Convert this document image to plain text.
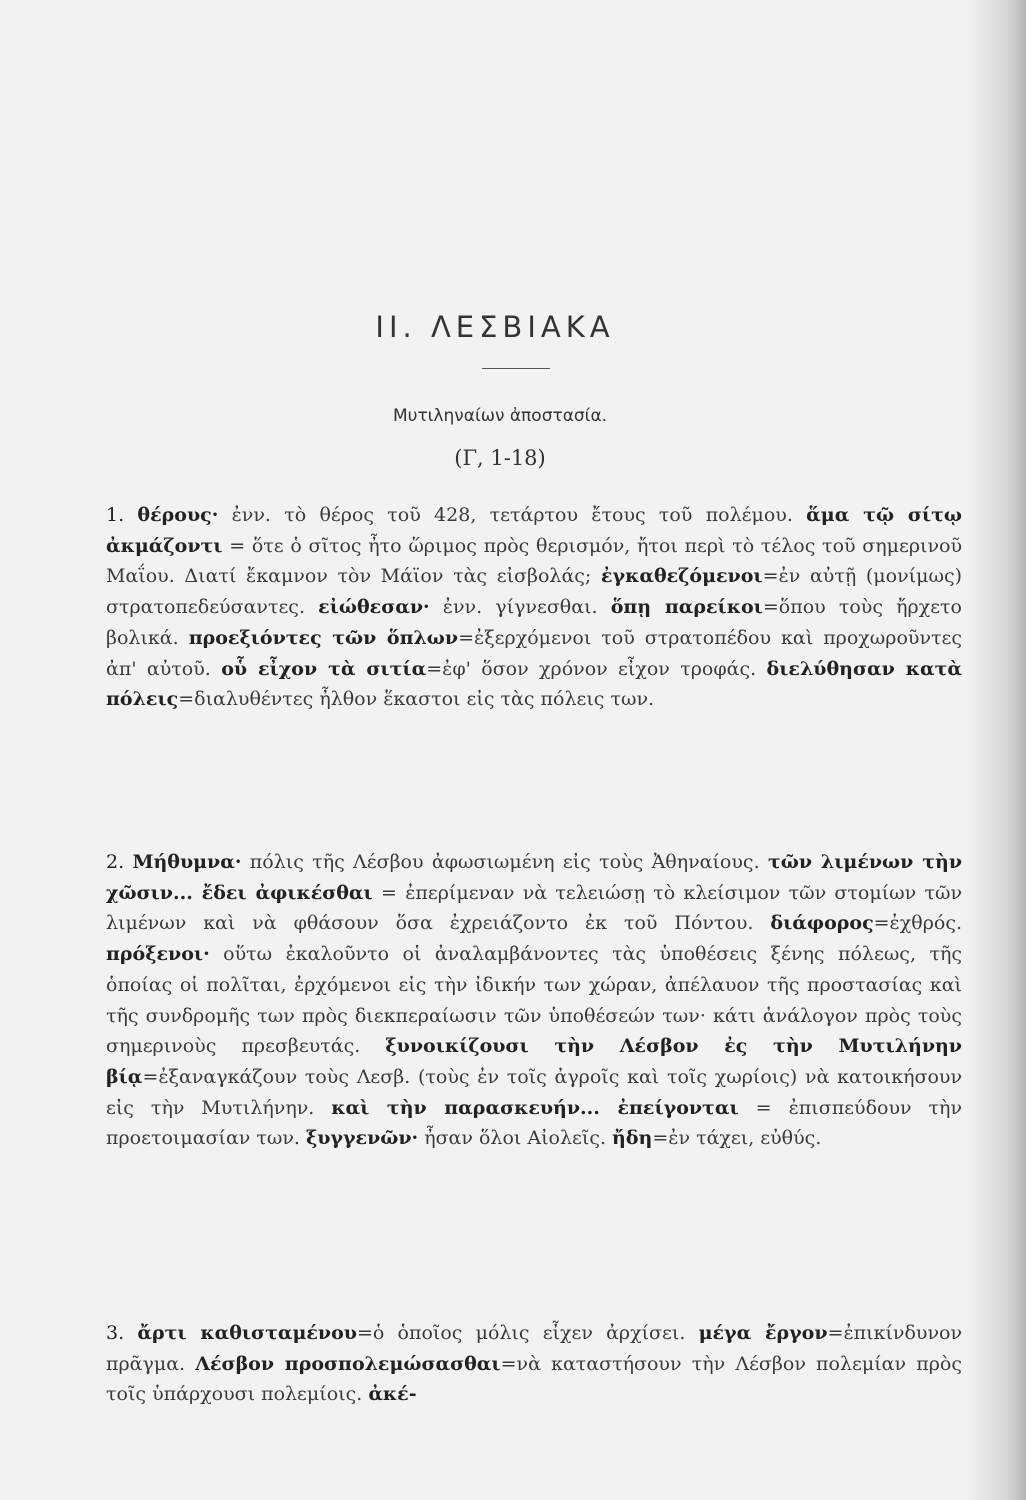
ΙΙ. ΛΕΣΒΙΑΚΑ
Μυτιληναίων ἀποστασία.
(Γ, 1-18)
1. θέρους· ἐνν. τὸ θέρος τοῦ 428, τετάρτου ἔτους τοῦ πολέμου. ἅμα τῷ σίτῳ ἀκμάζοντι = ὅτε ὁ σῖτος ἦτο ὥριμος πρὸς θερισμόν, ἤτοι περὶ τὸ τέλος τοῦ σημερινοῦ Μαΐου. Διατί ἔκαμνον τὸν Μάϊον τὰς εἰσβολάς; ἐγκαθεζόμενοι=ἐν αὐτῇ (μονίμως) στρατοπεδεύσαντες. εἰώθεσαν· ἐνν. γίγνεσθαι. ὅπῃ παρείκοι=ὅπου τοὺς ἤρχετο βολικά. προεξιόντες τῶν ὅπλων=ἐξερχόμενοι τοῦ στρατοπέδου καὶ προχωροῦντες ἀπ' αὐτοῦ. οὗ εἶχον τὰ σιτία=ἐφ' ὅσον χρόνον εἶχον τροφάς. διελύθησαν κατὰ πόλεις=διαλυθέντες ἦλθον ἕκαστοι εἰς τὰς πόλεις των.
2. Μήθυμνα· πόλις τῆς Λέσβου ἀφωσιωμένη εἰς τοὺς Ἀθηναίους. τῶν λιμένων τὴν χῶσιν... ἔδει ἀφικέσθαι = ἐπερίμεναν νὰ τελειώσῃ τὸ κλείσιμον τῶν στομίων τῶν λιμένων καὶ νὰ φθάσουν ὅσα ἐχρειάζοντο ἐκ τοῦ Πόντου. διάφορος=ἐχθρός. πρόξενοι· οὕτω ἐκαλοῦντο οἱ ἀναλαμβάνοντες τὰς ὑποθέσεις ξένης πόλεως, τῆς ὁποίας οἱ πολῖται, ἐρχόμενοι εἰς τὴν ἰδικήν των χώραν, ἀπέλαυον τῆς προστασίας καὶ τῆς συνδρομῆς των πρὸς διεκπεραίωσιν τῶν ὑποθέσεών των· κάτι ἀνάλογον πρὸς τοὺς σημερινοὺς πρεσβευτάς. ξυνοικίζουσι τὴν Λέσβον ἐς τὴν Μυτιλήνην βίᾳ=ἐξαναγκάζουν τοὺς Λεσβ. (τοὺς ἐν τοῖς ἀγροῖς καὶ τοῖς χωρίοις) νὰ κατοικήσουν εἰς τὴν Μυτιλήνην. καὶ τὴν παρασκευήν... ἐπείγονται = ἐπισπεύδουν τὴν προετοιμασίαν των. ξυγγενῶν· ἦσαν ὅλοι Αἰολεῖς. ἤδη=ἐν τάχει, εὐθύς.
3. ἄρτι καθισταμένου=ὁ ὁποῖος μόλις εἶχεν ἀρχίσει. μέγα ἔργον=ἐπικίνδυνον πρᾶγμα. Λέσβον προσπολεμώσασθαι=νὰ καταστήσουν τὴν Λέσβον πολεμίαν πρὸς τοῖς ὑπάρχουσι πολεμίοις. ἀκέ-
